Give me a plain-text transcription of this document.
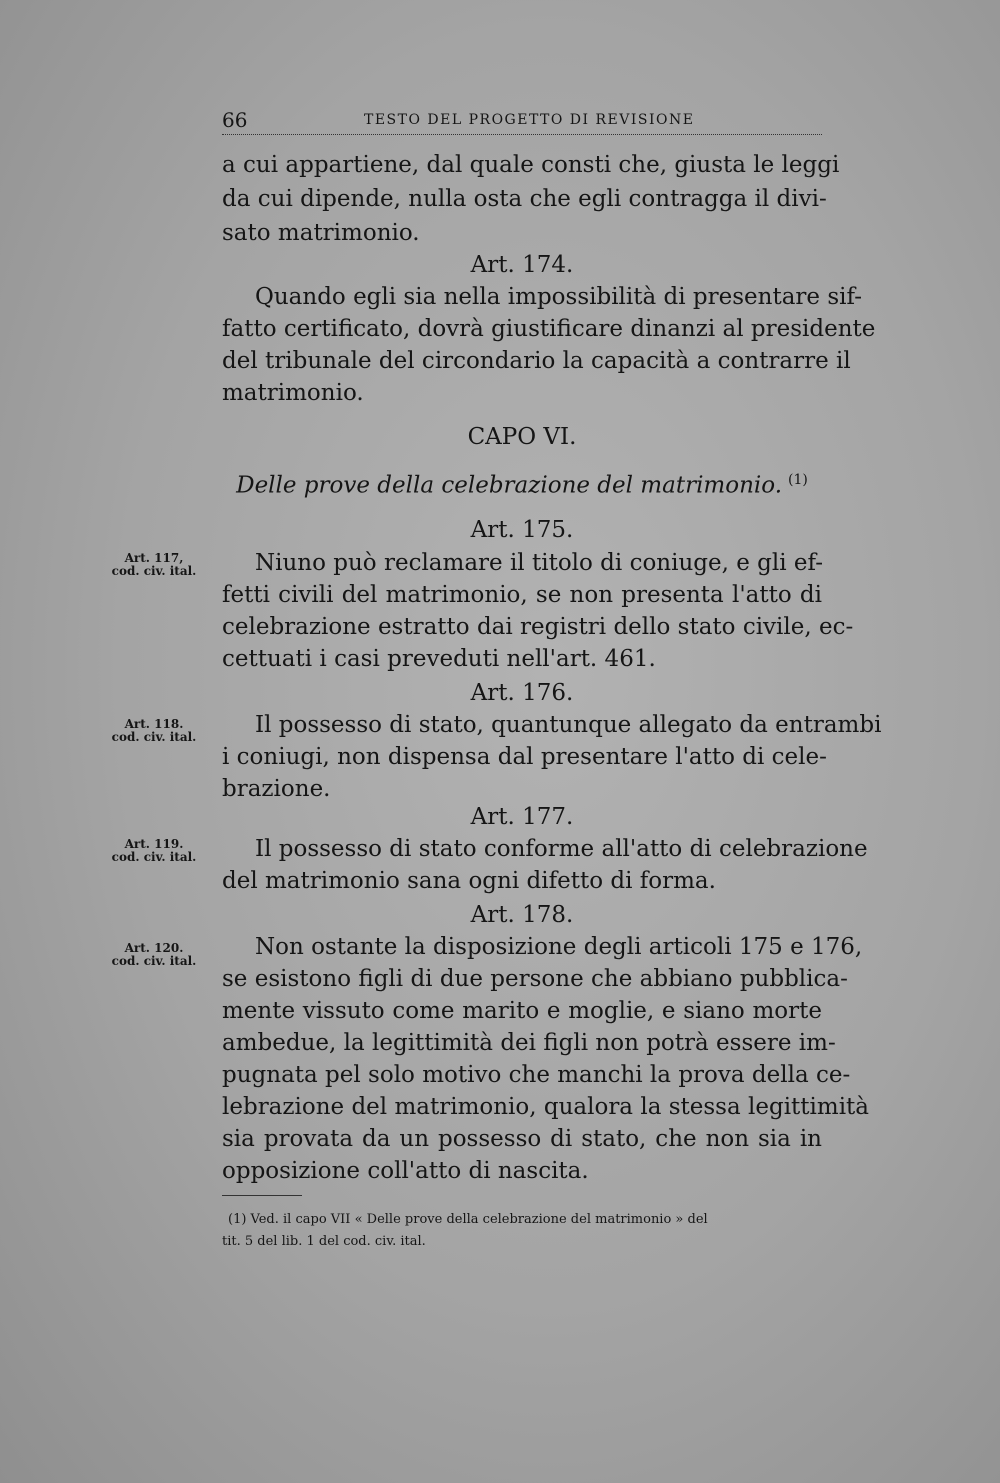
66	TESTO DEL PROGETTO DI REVISIONE
a cui appartiene, dal quale consti che, giusta le leggi
da cui dipende, nulla osta che egli contragga il divi-
sato matrimonio.
Art. 174.
Quando egli sia nella impossibilità di presentare sif-
fatto certificato, dovrà giustificare dinanzi al presidente
del tribunale del circondario la capacità a contrarre il
matrimonio.
CAPO VI.
Delle prove della celebrazione del matrimonio. $^{(1)}$
Art. 175.
Art. 117,
cod. civ. ital.	Niuno può reclamare il titolo di coniuge, e gli ef-
fetti civili del matrimonio, se non presenta l'atto di
celebrazione estratto dai registri dello stato civile, ec-
cettuati i casi preveduti nell'art. 461.
Art. 176.
Art. 118.
cod. civ. ital.	Il possesso di stato, quantunque allegato da entrambi
i coniugi, non dispensa dal presentare l'atto di cele-
brazione.
Art. 177.
Art. 119.
cod. civ. ital.	Il possesso di stato conforme all'atto di celebrazione
del matrimonio sana ogni difetto di forma.
Art. 178.
Art. 120.
cod. civ. ital.
Non ostante la disposizione degli articoli 175 e 176,
se esistono figli di due persone che abbiano pubblica-
mente vissuto come marito e moglie, e siano morte
ambedue, la legittimità dei figli non potrà essere im-
pugnata pel solo motivo che manchi la prova della ce-
lebrazione del matrimonio, qualora la stessa legittimità
sia provata da un possesso di stato, che non sia in
opposizione coll'atto di nascita.
(1) Ved. il capo VII « Delle prove della celebrazione del matrimonio » del
tit. 5 del lib. 1 del cod. civ. ital.
